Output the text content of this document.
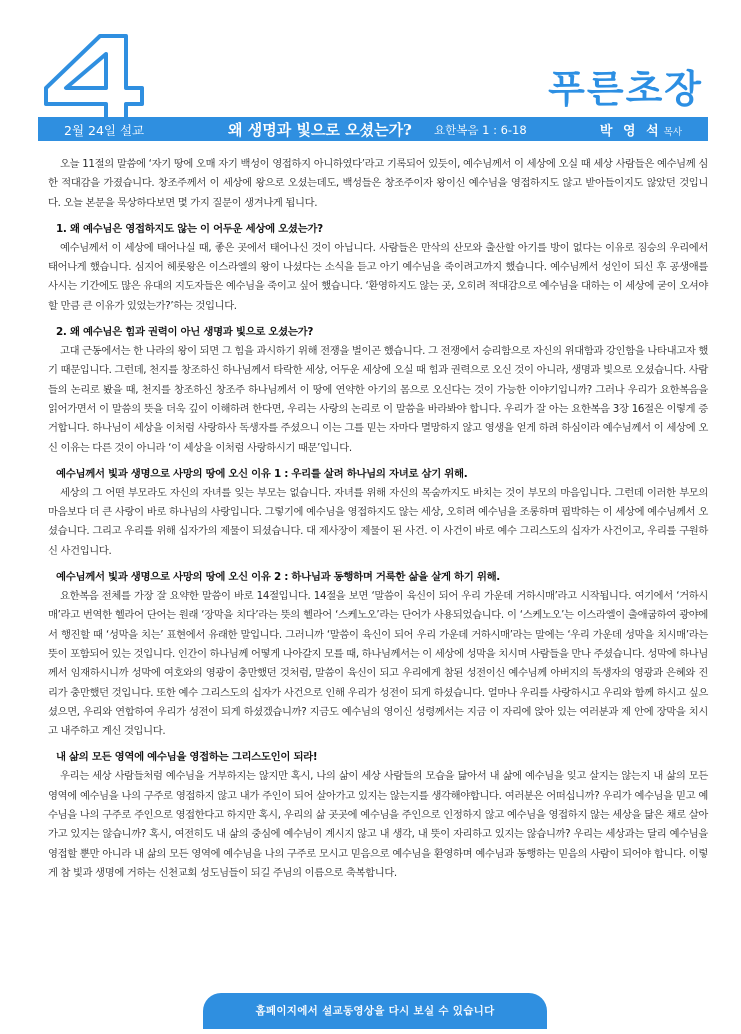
푸른초장
2월 24일 설교	왜 생명과 빛으로 오셨는가? 요한복음 1 : 6-18	박 영 석 목사

오늘 11절의 말씀에 ‘자기 땅에 오매 자기 백성이 영접하지 아니하였다’라고 기록되어 있듯이, 예수님께서 이 세상에 오실 때 세상 사람들은 예수님께 심한 적대감을 가졌습니다. 창조주께서 이 세상에 왕으로 오셨는데도, 백성들은 창조주이자 왕이신 예수님을 영접하지도 않고 받아들이지도 않았던 것입니다. 오늘 본문을 묵상하다보면 몇 가지 질문이 생겨나게 됩니다.

1. 왜 예수님은 영접하지도 않는 이 어두운 세상에 오셨는가?

예수님께서 이 세상에 태어나실 때, 좋은 곳에서 태어나신 것이 아닙니다. 사람들은 만삭의 산모와 출산할 아기를 방이 없다는 이유로 짐승의 우리에서 태어나게 했습니다. 심지어 헤롯왕은 이스라엘의 왕이 나셨다는 소식을 듣고 아기 예수님을 죽이려고까지 했습니다. 예수님께서 성인이 되신 후 공생애를 사시는 기간에도 많은 유대의 지도자들은 예수님을 죽이고 싶어 했습니다. ‘환영하지도 않는 곳, 오히려 적대감으로 예수님을 대하는 이 세상에 굳이 오셔야 할 만큼 큰 이유가 있었는가?’하는 것입니다.

2. 왜 예수님은 힘과 권력이 아닌 생명과 빛으로 오셨는가?

고대 근동에서는 한 나라의 왕이 되면 그 힘을 과시하기 위해 전쟁을 벌이곤 했습니다. 그 전쟁에서 승리함으로 자신의 위대함과 강인함을 나타내고자 했기 때문입니다. 그런데, 천지를 창조하신 하나님께서 타락한 세상, 어두운 세상에 오실 때 힘과 권력으로 오신 것이 아니라, 생명과 빛으로 오셨습니다. 사람들의 논리로 봤을 때, 천지를 창조하신 창조주 하나님께서 이 땅에 연약한 아기의 몸으로 오신다는 것이 가능한 이야기입니까? 그러나 우리가 요한복음을 읽어가면서 이 말씀의 뜻을 더욱 깊이 이해하려 한다면, 우리는 사랑의 논리로 이 말씀을 바라봐야 합니다. 우리가 잘 아는 요한복음 3장 16절은 이렇게 증거합니다. 하나님이 세상을 이처럼 사랑하사 독생자를 주셨으니 이는 그를 믿는 자마다 멸망하지 않고 영생을 얻게 하려 하심이라 예수님께서 이 세상에 오신 이유는 다른 것이 아니라 ‘이 세상을 이처럼 사랑하시기 때문’입니다.

예수님께서 빛과 생명으로 사망의 땅에 오신 이유 1 : 우리를 살려 하나님의 자녀로 삼기 위해.

세상의 그 어떤 부모라도 자신의 자녀를 잊는 부모는 없습니다. 자녀를 위해 자신의 목숨까지도 바치는 것이 부모의 마음입니다. 그런데 이러한 부모의 마음보다 더 큰 사랑이 바로 하나님의 사랑입니다. 그렇기에 예수님을 영접하지도 않는 세상, 오히려 예수님을 조롱하며 핍박하는 이 세상에 예수님께서 오셨습니다. 그리고 우리를 위해 십자가의 제물이 되셨습니다. 대 제사장이 제물이 된 사건. 이 사건이 바로 예수 그리스도의 십자가 사건이고, 우리를 구원하신 사건입니다.

예수님께서 빛과 생명으로 사망의 땅에 오신 이유 2 : 하나님과 동행하며 거룩한 삶을 살게 하기 위해.

요한복음 전체를 가장 잘 요약한 말씀이 바로 14절입니다. 14절을 보면 ‘말씀이 육신이 되어 우리 가운데 거하시매’라고 시작됩니다. 여기에서 ‘거하시매’라고 번역한 헬라어 단어는 원래 ‘장막을 치다’라는 뜻의 헬라어 ‘스케노오’라는 단어가 사용되었습니다. 이 ‘스케노오’는 이스라엘이 출애굽하여 광야에서 행진할 때 ‘성막을 치는’ 표현에서 유래한 말입니다. 그러니까 ‘말씀이 육신이 되어 우리 가운데 거하시매’라는 말에는 ‘우리 가운데 성막을 치시매’라는 뜻이 포함되어 있는 것입니다. 인간이 하나님께 어떻게 나아갈지 모를 때, 하나님께서는 이 세상에 성막을 치시며 사람들을 만나 주셨습니다. 성막에 하나님께서 임재하시니까 성막에 여호와의 영광이 충만했던 것처럼, 말씀이 육신이 되고 우리에게 참된 성전이신 예수님께 아버지의 독생자의 영광과 은혜와 진리가 충만했던 것입니다. 또한 예수 그리스도의 십자가 사건으로 인해 우리가 성전이 되게 하셨습니다. 얼마나 우리를 사랑하시고 우리와 함께 하시고 싶으셨으면, 우리와 연합하여 우리가 성전이 되게 하셨겠습니까? 지금도 예수님의 영이신 성령께서는 지금 이 자리에 앉아 있는 여러분과 제 안에 장막을 치시고 내주하고 계신 것입니다.

내 삶의 모든 영역에 예수님을 영접하는 그리스도인이 되라!

우리는 세상 사람들처럼 예수님을 거부하지는 않지만 혹시, 나의 삶이 세상 사람들의 모습을 닮아서 내 삶에 예수님을 잊고 살지는 않는지 내 삶의 모든 영역에 예수님을 나의 구주로 영접하지 않고 내가 주인이 되어 살아가고 있지는 않는지를 생각해야합니다. 여러분은 어떠십니까? 우리가 예수님을 믿고 예수님을 나의 구주로 주인으로 영접한다고 하지만 혹시, 우리의 삶 곳곳에 예수님을 주인으로 인정하지 않고 예수님을 영접하지 않는 세상을 닮은 채로 살아가고 있지는 않습니까? 혹시, 여전히도 내 삶의 중심에 예수님이 계시지 않고 내 생각, 내 뜻이 자리하고 있지는 않습니까? 우리는 세상과는 달리 예수님을 영접할 뿐만 아니라 내 삶의 모든 영역에 예수님을 나의 구주로 모시고 믿음으로 예수님을 환영하며 예수님과 동행하는 믿음의 사람이 되어야 합니다. 이렇게 참 빛과 생명에 거하는 신천교회 성도님들이 되길 주님의 이름으로 축복합니다.

홈페이지에서 설교동영상을 다시 보실 수 있습니다
